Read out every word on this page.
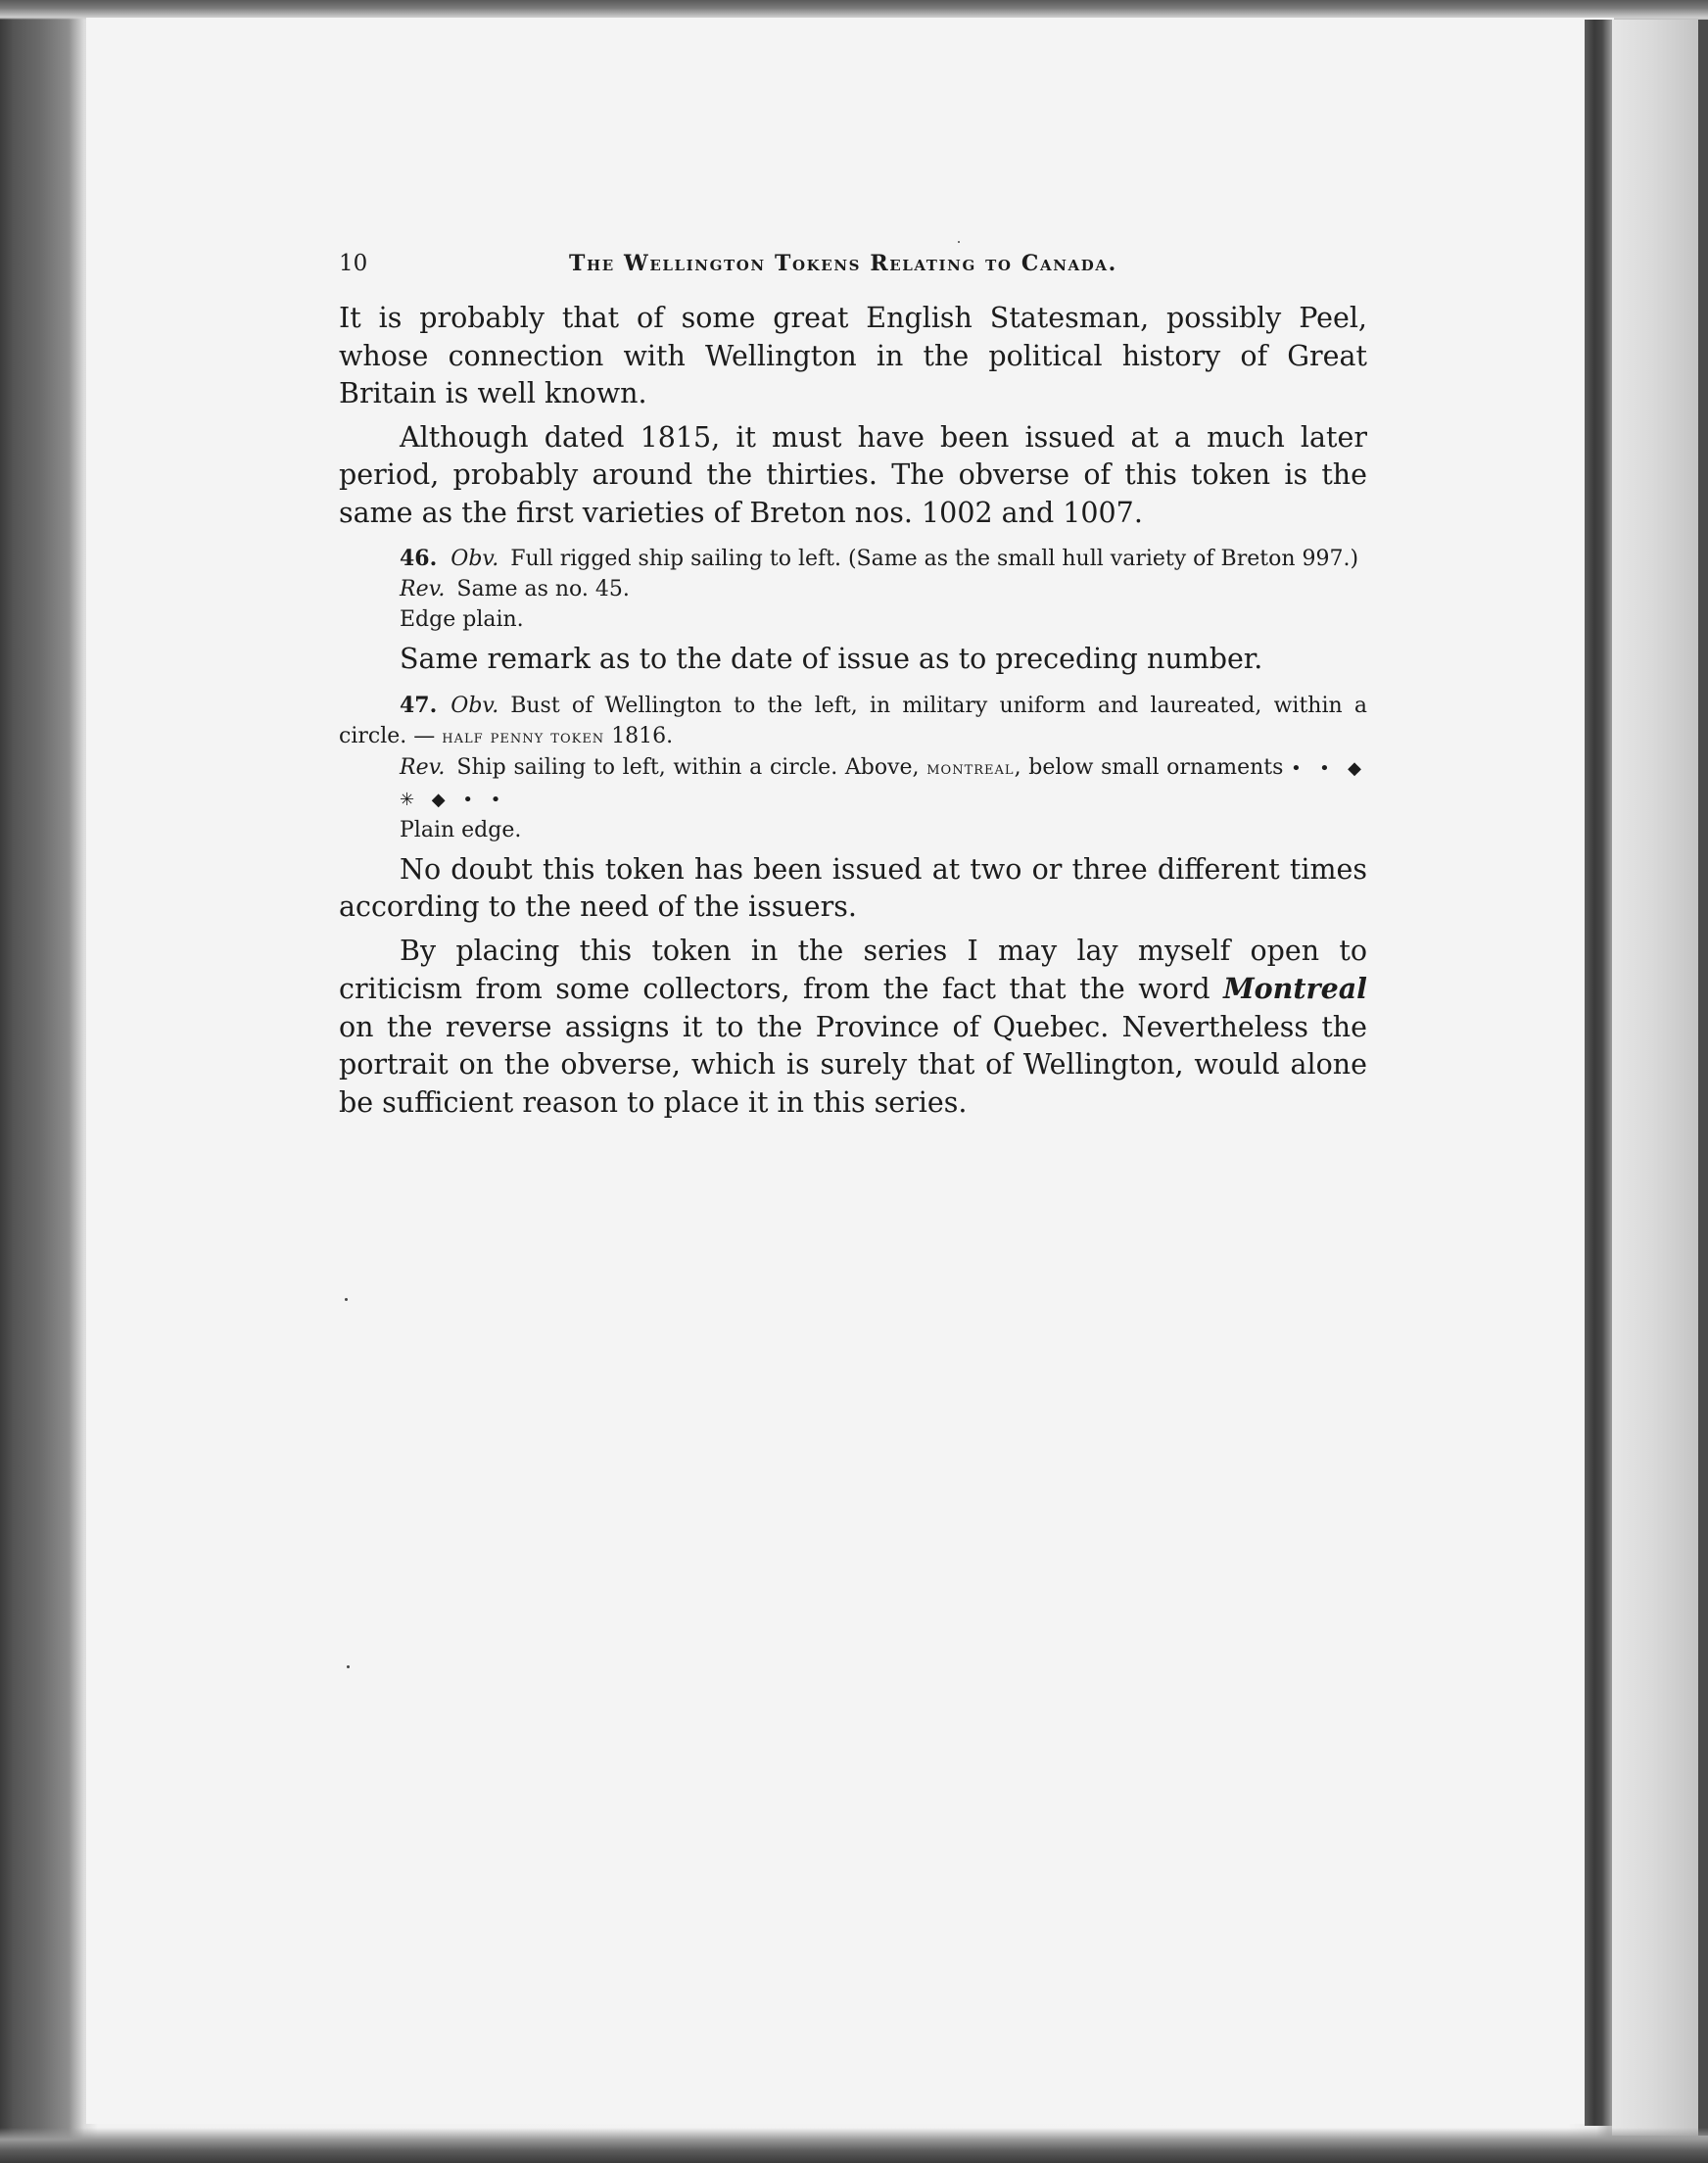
10	The Wellington Tokens Relating to Canada.

It is probably that of some great English Statesman, possibly Peel, whose connection with Wellington in the political history of Great Britain is well known.

Although dated 1815, it must have been issued at a much later period, probably around the thirties. The obverse of this token is the same as the first varieties of Breton nos. 1002 and 1007.

46. Obv. Full rigged ship sailing to left. (Same as the small hull variety of Breton 997.)

Rev. Same as no. 45.

Edge plain.

Same remark as to the date of issue as to preceding number.

47. Obv. Bust of Wellington to the left, in military uniform and laureated, within a circle. — half penny token 1816.

Rev. Ship sailing to left, within a circle. Above, montreal, below small ornaments • • ◆ ✳ ◆ • •

Plain edge.

No doubt this token has been issued at two or three different times according to the need of the issuers.

By placing this token in the series I may lay myself open to criticism from some collectors, from the fact that the word Montreal on the reverse assigns it to the Province of Quebec. Nevertheless the portrait on the obverse, which is surely that of Wellington, would alone be sufficient reason to place it in this series.
